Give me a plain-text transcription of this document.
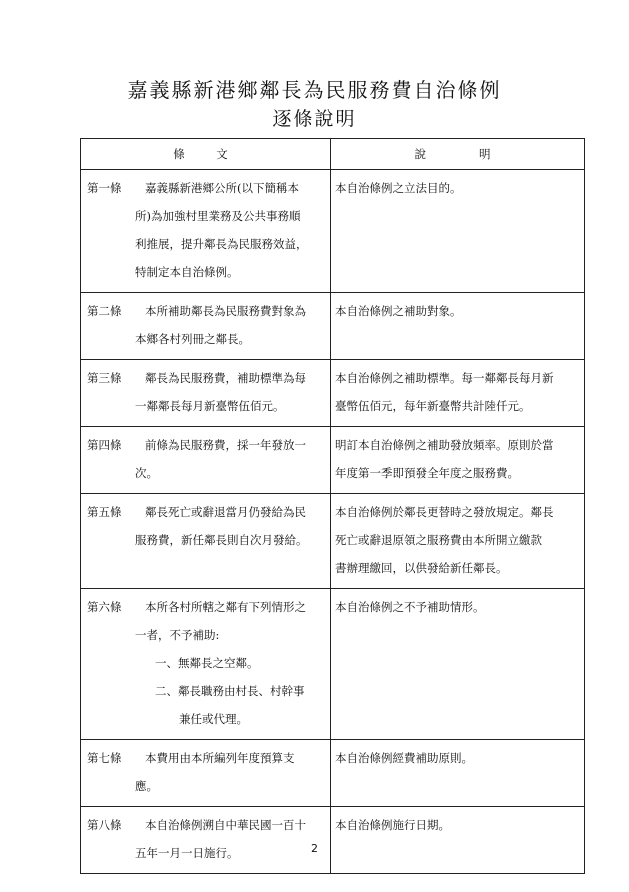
嘉義縣新港鄉鄰長為民服務費自治條例
逐條說明
條　文	說　　明

第一條 嘉義縣新港鄉公所(以下簡稱本
所)為加強村里業務及公共事務順
利推展，提升鄰長為民服務效益，
特制定本自治條例。	本自治條例之立法目的。

第二條 本所補助鄰長為民服務費對象為
本鄉各村列冊之鄰長。	本自治條例之補助對象。

第三條 鄰長為民服務費，補助標準為每
一鄰鄰長每月新臺幣伍佰元。	本自治條例之補助標準。每一鄰鄰長每月新
臺幣伍佰元，每年新臺幣共計陸仟元。

第四條 前條為民服務費，採一年發放一
次。	明訂本自治條例之補助發放頻率。原則於當
年度第一季即預發全年度之服務費。

第五條 鄰長死亡或辭退當月仍發給為民
服務費，新任鄰長則自次月發給。	本自治條例於鄰長更替時之發放規定。鄰長
死亡或辭退原領之服務費由本所開立繳款
書辦理繳回，以供發給新任鄰長。

第六條 本所各村所轄之鄰有下列情形之
一者，不予補助:
一、無鄰長之空鄰。
二、鄰長職務由村長、村幹事
兼任或代理。	本自治條例之不予補助情形。

第七條 本費用由本所編列年度預算支
應。	本自治條例經費補助原則。

第八條 本自治條例溯自中華民國一百十
五年一月一日施行。	本自治條例施行日期。
2
